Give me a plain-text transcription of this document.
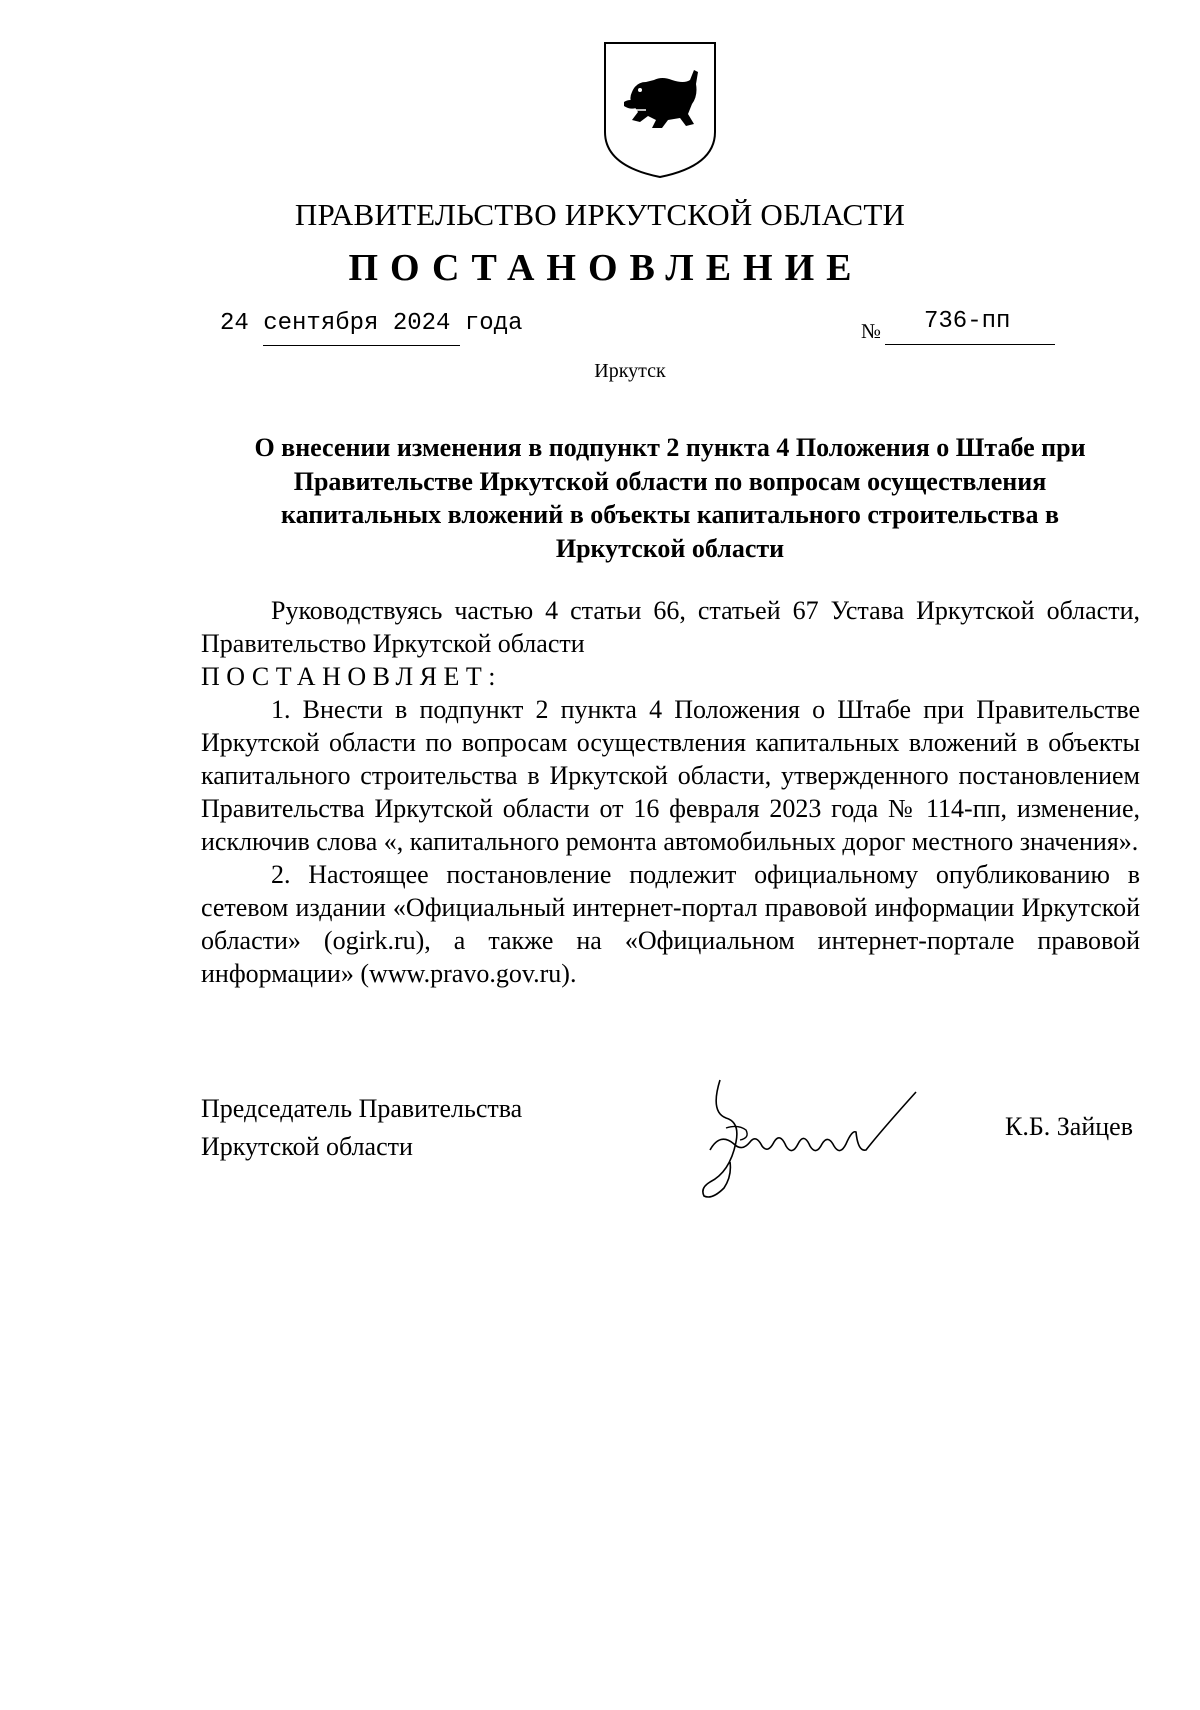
ПРАВИТЕЛЬСТВО ИРКУТСКОЙ ОБЛАСТИ
ПОСТАНОВЛЕНИЕ
24 сентября 2024 года	№ 736-пп
Иркутск
О внесении изменения в подпункт 2 пункта 4 Положения о Штабе при
Правительстве Иркутской области по вопросам осуществления
капитальных вложений в объекты капитального строительства в
Иркутской области

Руководствуясь частью 4 статьи 66, статьей 67 Устава Иркутской области, Правительство Иркутской области

ПОСТАНОВЛЯЕТ:

1. Внести в подпункт 2 пункта 4 Положения о Штабе при Правительстве Иркутской области по вопросам осуществления капитальных вложений в объекты капитального строительства в Иркутской области, утвержденного постановлением Правительства Иркутской области от 16 февраля 2023 года № 114-пп, изменение, исключив слова «, капитального ремонта автомобильных дорог местного значения».

2. Настоящее постановление подлежит официальному опубликованию в сетевом издании «Официальный интернет-портал правовой информации Иркутской области» (ogirk.ru), а также на «Официальном интернет-портале правовой информации» (www.pravo.gov.ru).

Председатель Правительства
Иркутской области
К.Б. Зайцев
